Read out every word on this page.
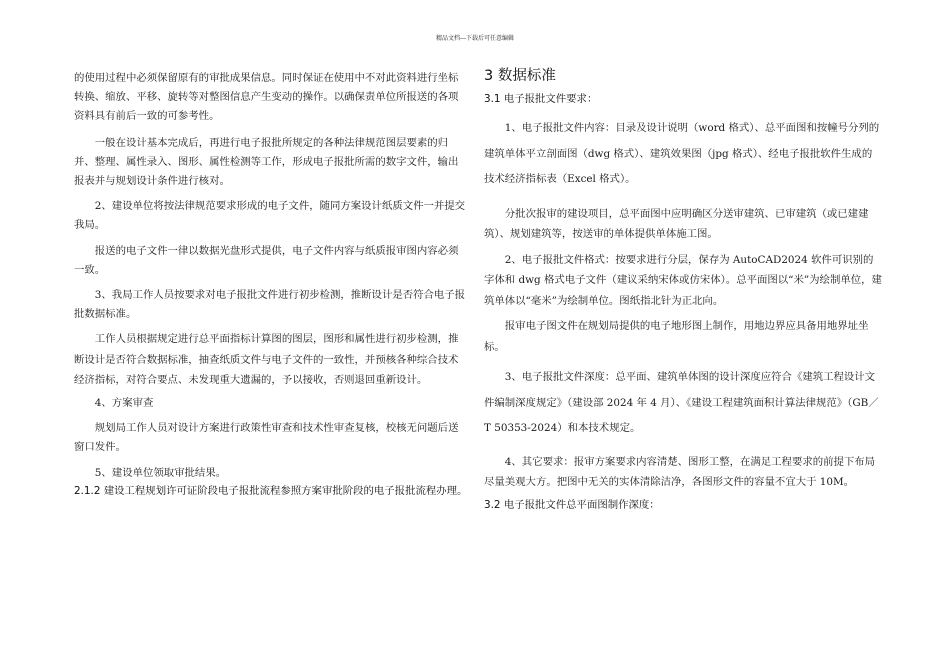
精品文档---下载后可任意编辑

的使用过程中必须保留原有的审批成果信息。同时保证在使用中不对此资料进行坐标转换、缩放、平移、旋转等对整图信息产生变动的操作。以确保责单位所报送的各项资料具有前后一致的可参考性。

一般在设计基本完成后，再进行电子报批所规定的各种法律规范图层要素的归并、整理、属性录入、图形、属性检测等工作，形成电子报批所需的数字文件，输出报表并与规划设计条件进行核对。

2、建设单位将按法律规范要求形成的电子文件，随同方案设计纸质文件一并提交我局。

报送的电子文件一律以数据光盘形式提供，电子文件内容与纸质报审图内容必须一致。

3、我局工作人员按要求对电子报批文件进行初步检测，推断设计是否符合电子报批数据标准。

工作人员根据规定进行总平面指标计算图的图层，图形和属性进行初步检测，推断设计是否符合数据标准，抽查纸质文件与电子文件的一致性，并预核各种综合技术经济指标，对符合要点、未发现重大遗漏的，予以接收，否则退回重新设计。

4、方案审查

规划局工作人员对设计方案进行政策性审查和技术性审查复核，校核无问题后送窗口发件。

5、建设单位领取审批结果。

2.1.2 建设工程规划许可证阶段电子报批流程参照方案审批阶段的电子报批流程办理。

3 数据标准

3.1 电子报批文件要求：

1、电子报批文件内容：目录及设计说明（word 格式）、总平面图和按幢号分列的建筑单体平立剖面图（dwg 格式）、建筑效果图（jpg 格式）、经电子报批软件生成的技术经济指标表（Excel 格式）。

分批次报审的建设项目，总平面图中应明确区分送审建筑、已审建筑（或已建建筑）、规划建筑等，按送审的单体提供单体施工图。

2、电子报批文件格式：按要求进行分层，保存为 AutoCAD2024 软件可识别的字体和 dwg 格式电子文件（建议采纳宋体或仿宋体）。总平面图以“米”为绘制单位，建筑单体以“毫米”为绘制单位。图纸指北针为正北向。

报审电子图文件在规划局提供的电子地形图上制作，用地边界应具备用地界址坐标。

3、电子报批文件深度：总平面、建筑单体图的设计深度应符合《建筑工程设计文件编制深度规定》（建设部 2024 年 4 月）、《建设工程建筑面积计算法律规范》（GB／T 50353-2024）和本技术规定。

4、其它要求：报审方案要求内容清楚、图形工整，在满足工程要求的前提下布局尽量美观大方。把图中无关的实体清除洁净，各图形文件的容量不宜大于 10M。

3.2 电子报批文件总平面图制作深度：
